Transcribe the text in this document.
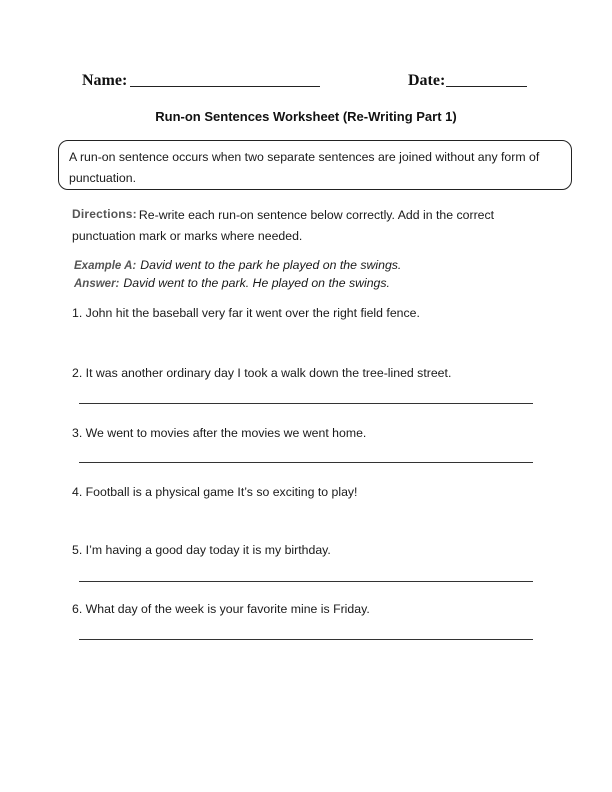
Name:	Date:
Run-on Sentences Worksheet (Re-Writing Part 1)
A run-on sentence occurs when two separate sentences are joined without any form of punctuation.
Directions: Re-write each run-on sentence below correctly. Add in the correct punctuation mark or marks where needed.
Example A: David went to the park he played on the swings.
Answer: David went to the park. He played on the swings.
1. John hit the baseball very far it went over the right field fence.
2. It was another ordinary day I took a walk down the tree-lined street.
3. We went to movies after the movies we went home.
4. Football is a physical game It’s so exciting to play!
5. I’m having a good day today it is my birthday.
6. What day of the week is your favorite mine is Friday.
